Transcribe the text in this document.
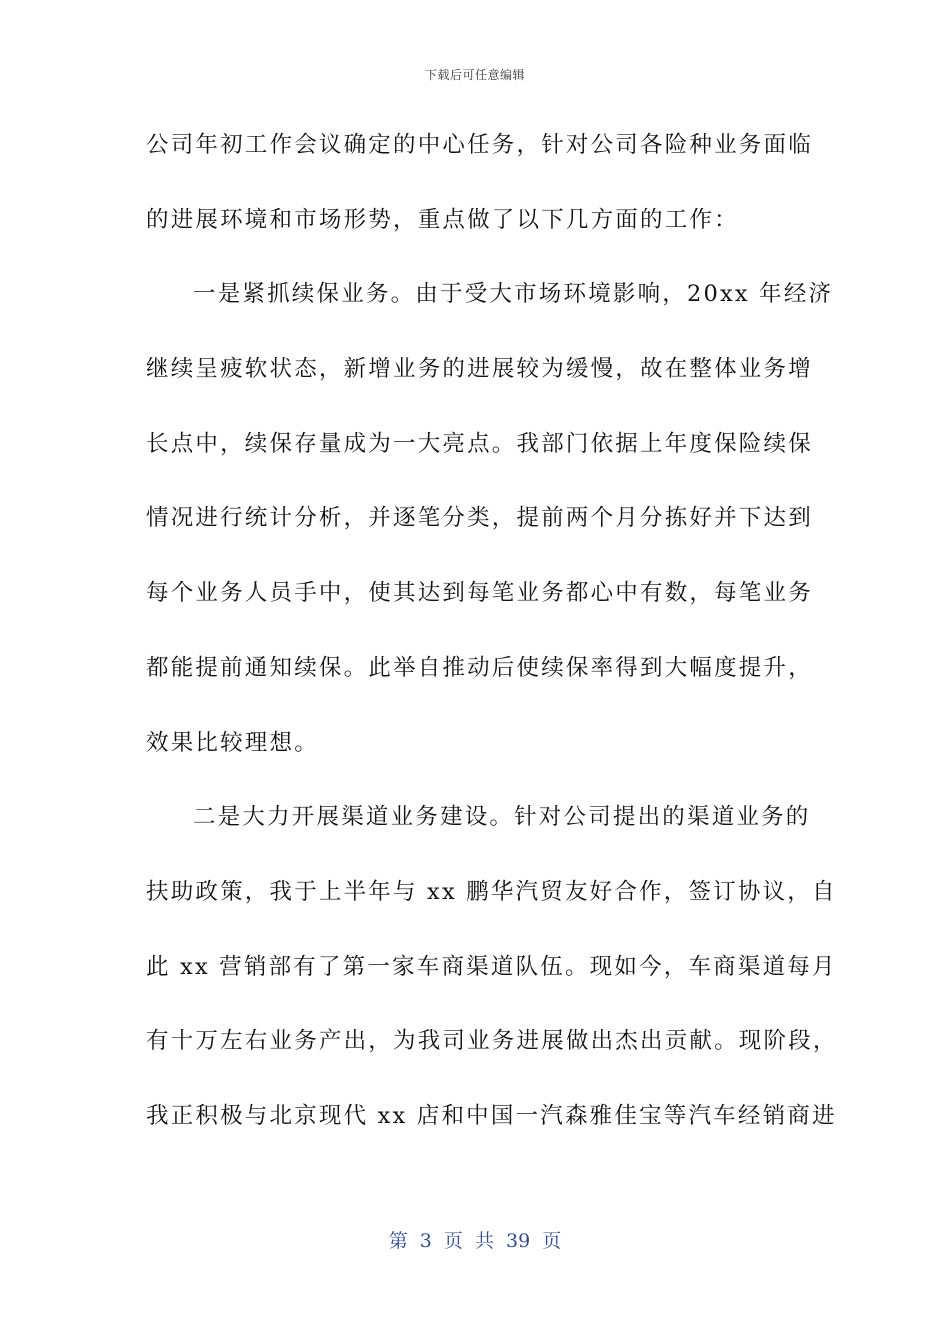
下载后可任意编辑
公司年初工作会议确定的中心任务，针对公司各险种业务面临
的进展环境和市场形势，重点做了以下几方面的工作：
一是紧抓续保业务。由于受大市场环境影响，20xx 年经济
继续呈疲软状态，新增业务的进展较为缓慢，故在整体业务增
长点中，续保存量成为一大亮点。我部门依据上年度保险续保
情况进行统计分析，并逐笔分类，提前两个月分拣好并下达到
每个业务人员手中，使其达到每笔业务都心中有数，每笔业务
都能提前通知续保。此举自推动后使续保率得到大幅度提升，
效果比较理想。
二是大力开展渠道业务建设。针对公司提出的渠道业务的
扶助政策，我于上半年与 xx 鹏华汽贸友好合作，签订协议，自
此 xx 营销部有了第一家车商渠道队伍。现如今，车商渠道每月
有十万左右业务产出，为我司业务进展做出杰出贡献。现阶段，
我正积极与北京现代 xx 店和中国一汽森雅佳宝等汽车经销商进
第 3 页 共 39 页
